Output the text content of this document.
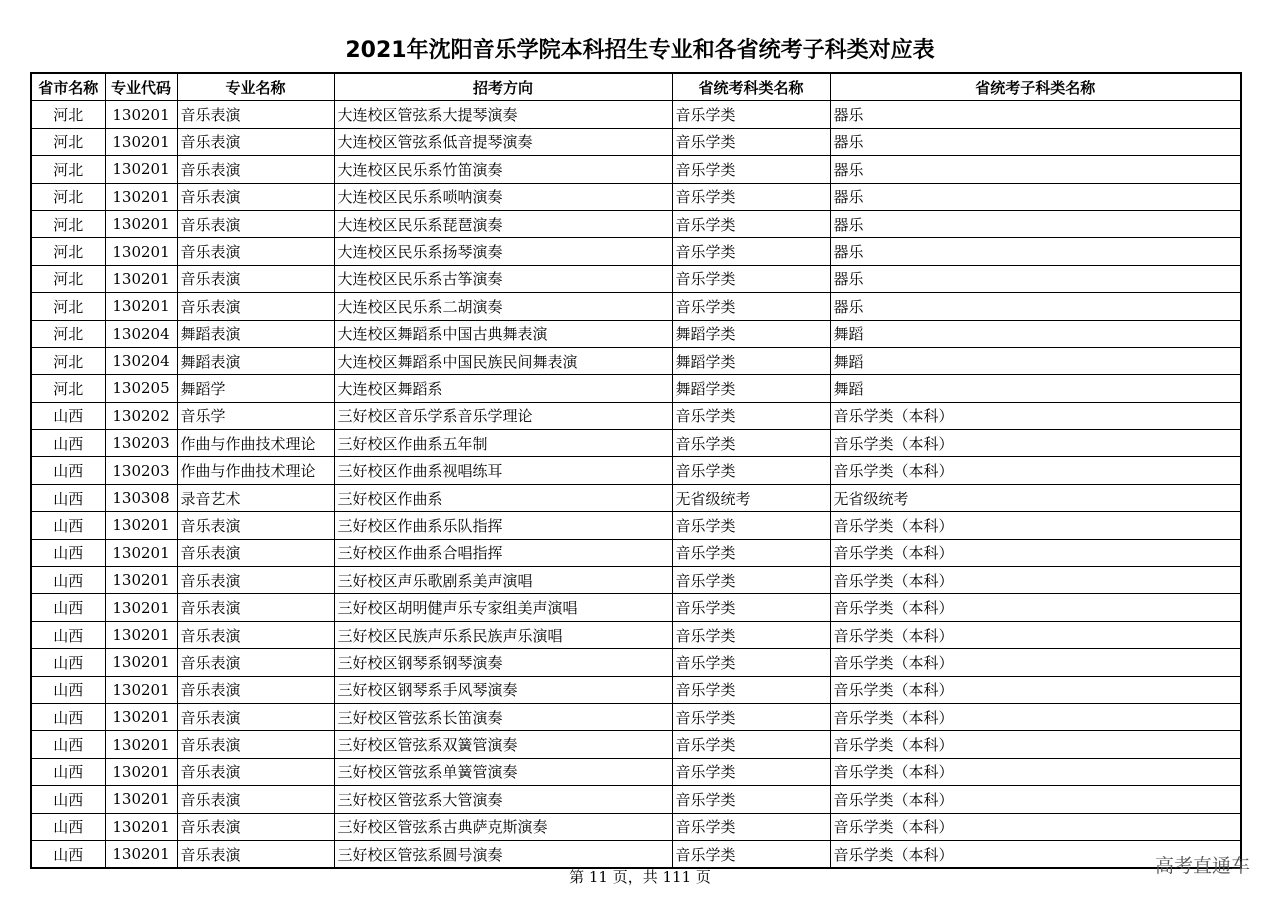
2021年沈阳音乐学院本科招生专业和各省统考子科类对应表
省市名称	专业代码	专业名称	招考方向	省统考科类名称	省统考子科类名称
河北	130201	音乐表演	大连校区管弦系大提琴演奏	音乐学类	器乐
河北	130201	音乐表演	大连校区管弦系低音提琴演奏	音乐学类	器乐
河北	130201	音乐表演	大连校区民乐系竹笛演奏	音乐学类	器乐
河北	130201	音乐表演	大连校区民乐系唢呐演奏	音乐学类	器乐
河北	130201	音乐表演	大连校区民乐系琵琶演奏	音乐学类	器乐
河北	130201	音乐表演	大连校区民乐系扬琴演奏	音乐学类	器乐
河北	130201	音乐表演	大连校区民乐系古筝演奏	音乐学类	器乐
河北	130201	音乐表演	大连校区民乐系二胡演奏	音乐学类	器乐
河北	130204	舞蹈表演	大连校区舞蹈系中国古典舞表演	舞蹈学类	舞蹈
河北	130204	舞蹈表演	大连校区舞蹈系中国民族民间舞表演	舞蹈学类	舞蹈
河北	130205	舞蹈学	大连校区舞蹈系	舞蹈学类	舞蹈
山西	130202	音乐学	三好校区音乐学系音乐学理论	音乐学类	音乐学类（本科）
山西	130203	作曲与作曲技术理论	三好校区作曲系五年制	音乐学类	音乐学类（本科）
山西	130203	作曲与作曲技术理论	三好校区作曲系视唱练耳	音乐学类	音乐学类（本科）
山西	130308	录音艺术	三好校区作曲系	无省级统考	无省级统考
山西	130201	音乐表演	三好校区作曲系乐队指挥	音乐学类	音乐学类（本科）
山西	130201	音乐表演	三好校区作曲系合唱指挥	音乐学类	音乐学类（本科）
山西	130201	音乐表演	三好校区声乐歌剧系美声演唱	音乐学类	音乐学类（本科）
山西	130201	音乐表演	三好校区胡明健声乐专家组美声演唱	音乐学类	音乐学类（本科）
山西	130201	音乐表演	三好校区民族声乐系民族声乐演唱	音乐学类	音乐学类（本科）
山西	130201	音乐表演	三好校区钢琴系钢琴演奏	音乐学类	音乐学类（本科）
山西	130201	音乐表演	三好校区钢琴系手风琴演奏	音乐学类	音乐学类（本科）
山西	130201	音乐表演	三好校区管弦系长笛演奏	音乐学类	音乐学类（本科）
山西	130201	音乐表演	三好校区管弦系双簧管演奏	音乐学类	音乐学类（本科）
山西	130201	音乐表演	三好校区管弦系单簧管演奏	音乐学类	音乐学类（本科）
山西	130201	音乐表演	三好校区管弦系大管演奏	音乐学类	音乐学类（本科）
山西	130201	音乐表演	三好校区管弦系古典萨克斯演奏	音乐学类	音乐学类（本科）
山西	130201	音乐表演	三好校区管弦系圆号演奏	音乐学类	音乐学类（本科）
第 11 页，共 111 页	高考直通车
